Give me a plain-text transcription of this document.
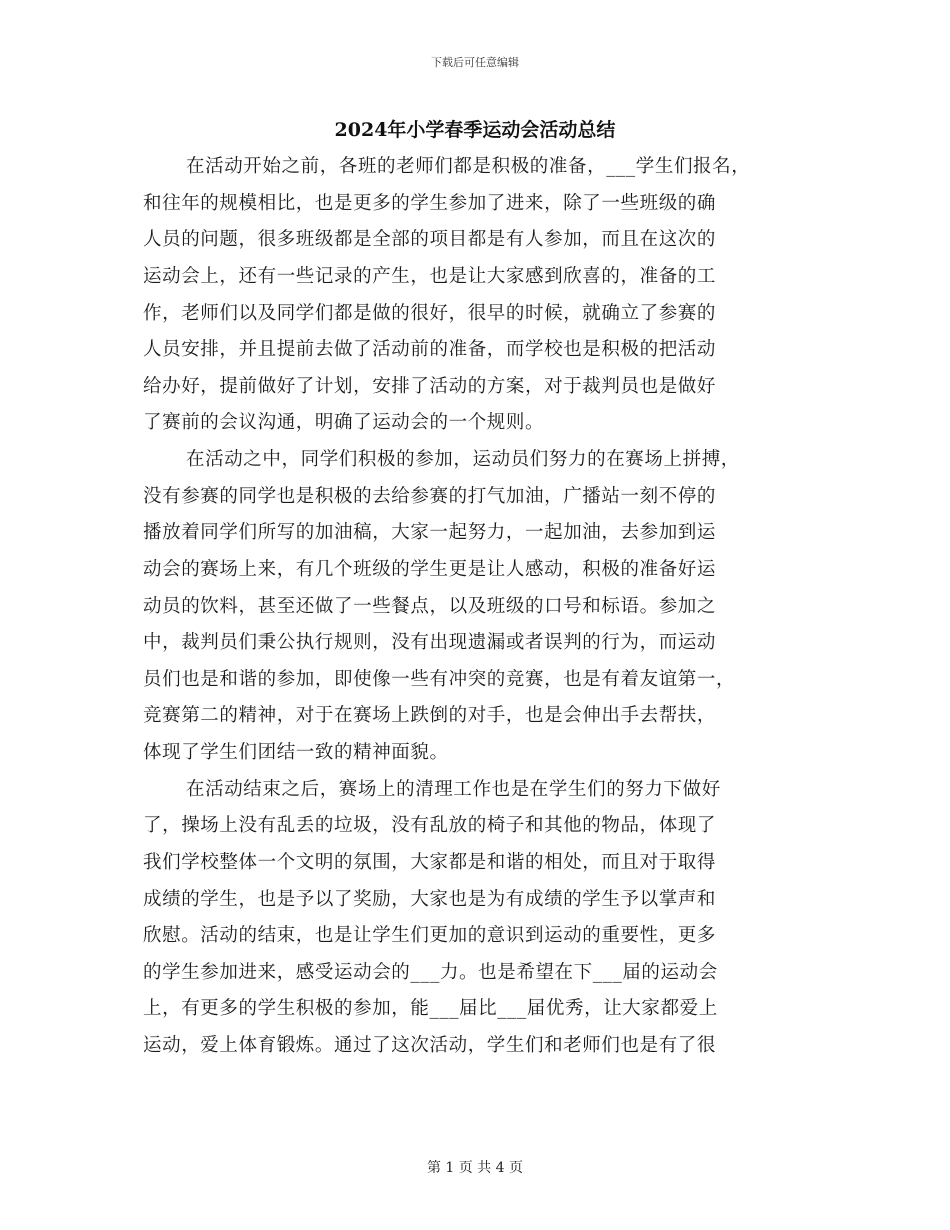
下载后可任意编辑
2024年小学春季运动会活动总结
在活动开始之前，各班的老师们都是积极的准备，___学生们报名，
和往年的规模相比，也是更多的学生参加了进来，除了一些班级的确
人员的问题，很多班级都是全部的项目都是有人参加，而且在这次的
运动会上，还有一些记录的产生，也是让大家感到欣喜的，准备的工
作，老师们以及同学们都是做的很好，很早的时候，就确立了参赛的
人员安排，并且提前去做了活动前的准备，而学校也是积极的把活动
给办好，提前做好了计划，安排了活动的方案，对于裁判员也是做好
了赛前的会议沟通，明确了运动会的一个规则。
在活动之中，同学们积极的参加，运动员们努力的在赛场上拼搏，
没有参赛的同学也是积极的去给参赛的打气加油，广播站一刻不停的
播放着同学们所写的加油稿，大家一起努力，一起加油，去参加到运
动会的赛场上来，有几个班级的学生更是让人感动，积极的准备好运
动员的饮料，甚至还做了一些餐点，以及班级的口号和标语。参加之
中，裁判员们秉公执行规则，没有出现遗漏或者误判的行为，而运动
员们也是和谐的参加，即使像一些有冲突的竞赛，也是有着友谊第一，
竞赛第二的精神，对于在赛场上跌倒的对手，也是会伸出手去帮扶，
体现了学生们团结一致的精神面貌。
在活动结束之后，赛场上的清理工作也是在学生们的努力下做好
了，操场上没有乱丢的垃圾，没有乱放的椅子和其他的物品，体现了
我们学校整体一个文明的氛围，大家都是和谐的相处，而且对于取得
成绩的学生，也是予以了奖励，大家也是为有成绩的学生予以掌声和
欣慰。活动的结束，也是让学生们更加的意识到运动的重要性，更多
的学生参加进来，感受运动会的___力。也是希望在下___届的运动会
上，有更多的学生积极的参加，能___届比___届优秀，让大家都爱上
运动，爱上体育锻炼。通过了这次活动，学生们和老师们也是有了很
第 1 页 共 4 页
